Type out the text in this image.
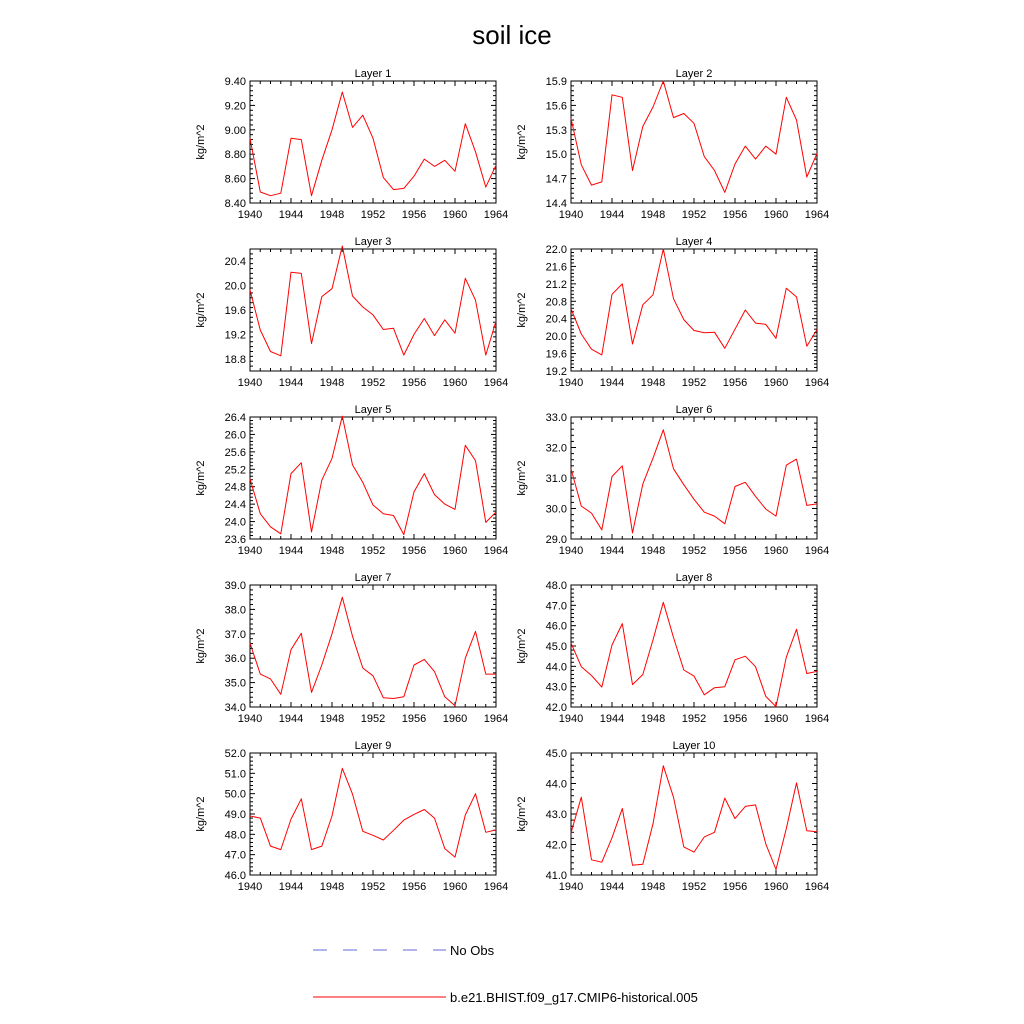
soil ice
Layer 1
kg/m^2
1940 1944 1948 1952 1956 1960 1964
8.40
8.60
8.80
9.00
9.20
9.40
Layer 2
kg/m^2
1940 1944 1948 1952 1956 1960 1964
14.4
14.7
15.0
15.3
15.6
15.9
Layer 3
kg/m^2
1940 1944 1948 1952 1956 1960 1964
18.8
19.2
19.6
20.0
20.4
Layer 4
kg/m^2
1940 1944 1948 1952 1956 1960 1964
19.2
19.6
20.0
20.4
20.8
21.2
21.6
22.0
Layer 5
kg/m^2
1940 1944 1948 1952 1956 1960 1964
23.6
24.0
24.4
24.8
25.2
25.6
26.0
26.4
Layer 6
kg/m^2
1940 1944 1948 1952 1956 1960 1964
29.0
30.0
31.0
32.0
33.0
Layer 7
kg/m^2
1940 1944 1948 1952 1956 1960 1964
34.0
35.0
36.0
37.0
38.0
39.0
Layer 8
kg/m^2
1940 1944 1948 1952 1956 1960 1964
42.0
43.0
44.0
45.0
46.0
47.0
48.0
Layer 9
kg/m^2
1940 1944 1948 1952 1956 1960 1964
46.0
47.0
48.0
49.0
50.0
51.0
52.0
Layer 10
kg/m^2
1940 1944 1948 1952 1956 1960 1964
41.0
42.0
43.0
44.0
45.0
No Obs
b.e21.BHIST.f09_g17.CMIP6-historical.005
